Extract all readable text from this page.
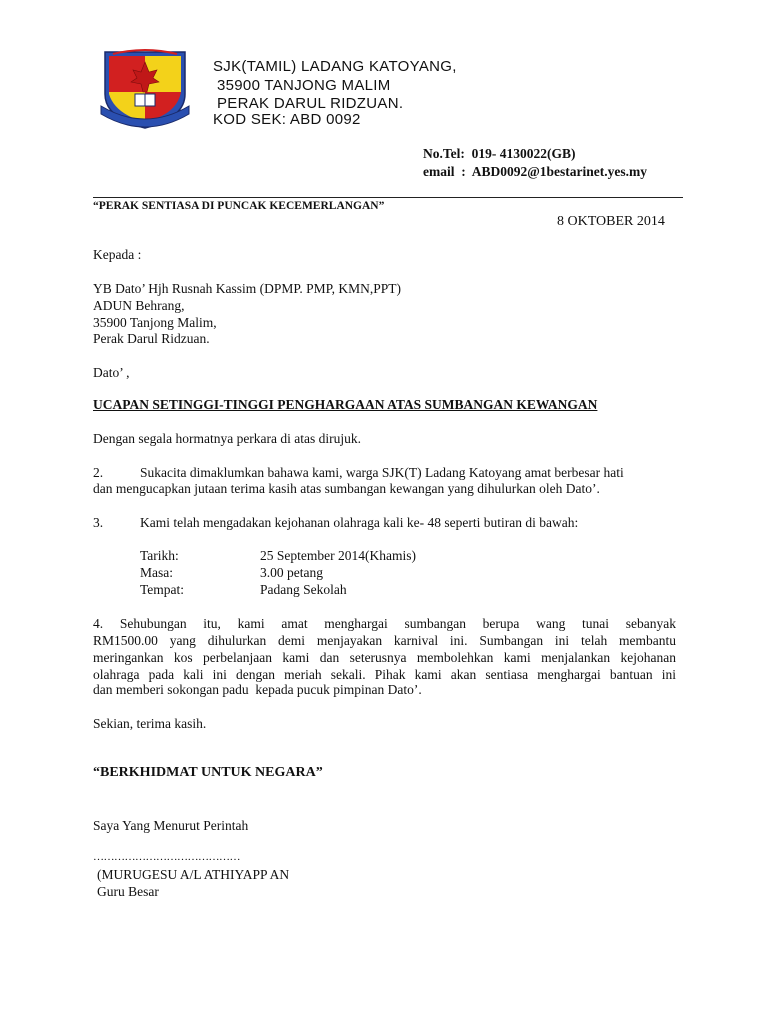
SJK(TAMIL) LADANG KATOYANG,
35900 TANJONG MALIM
PERAK DARUL RIDZUAN.
KOD SEK: ABD 0092
No.Tel:  019- 4130022(GB)
email  :  ABD0092@1bestarinet.yes.my
“PERAK SENTIASA DI PUNCAK KECEMERLANGAN”
8 OKTOBER 2014
Kepada :
YB Dato’ Hjh Rusnah Kassim (DPMP. PMP, KMN,PPT)
ADUN Behrang,
35900 Tanjong Malim,
Perak Darul Ridzuan.
Dato’ ,
UCAPAN SETINGGI-TINGGI PENGHARGAAN ATAS SUMBANGAN KEWANGAN
Dengan segala hormatnya perkara di atas dirujuk.
2.	Sukacita dimaklumkan bahawa kami, warga SJK(T) Ladang Katoyang amat berbesar hati
dan mengucapkan jutaan terima kasih atas sumbangan kewangan yang dihulurkan oleh Dato’.
3.	Kami telah mengadakan kejohanan olahraga kali ke- 48 seperti butiran di bawah:
Tarikh:	25 September 2014(Khamis)
Masa:	3.00 petang
Tempat:	Padang Sekolah
4. Sehubungan itu, kami amat menghargai sumbangan berupa wang tunai sebanyak
RM1500.00 yang dihulurkan demi menjayakan karnival ini. Sumbangan ini telah membantu
meringankan kos perbelanjaan kami dan seterusnya membolehkan kami menjalankan kejohanan
olahraga pada kali ini dengan meriah sekali. Pihak kami akan sentiasa menghargai bantuan ini
dan memberi sokongan padu  kepada pucuk pimpinan Dato’.
Sekian, terima kasih.
“BERKHIDMAT UNTUK NEGARA”
Saya Yang Menurut Perintah
……………………………………
(MURUGESU A/L ATHIYAPP AN
Guru Besar
